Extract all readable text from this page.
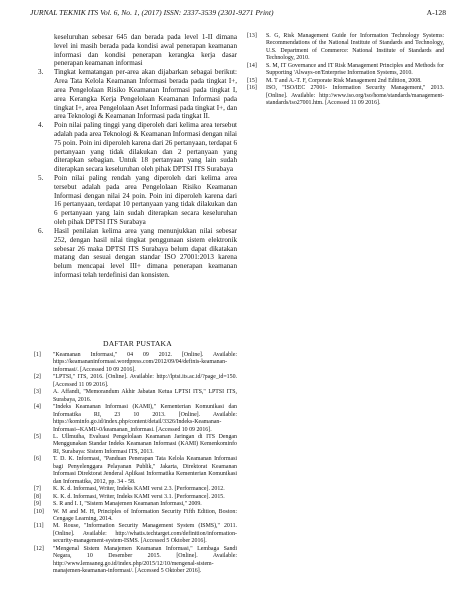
JURNAL TEKNIK ITS Vol. 6, No. 1, (2017) ISSN: 2337-3539 (2301-9271 Print)	A-128

keseluruhan sebesar 645 dan berada pada level 1-II dimana level ini masih berada pada kondisi awal penerapan keamanan informasi dan kondisi penerapan kerangka kerja dasar penerapan keamanan informasi

3.	Tingkat kematangan per-area akan dijabarkan sebagai berikut: Area Tata Kelola Keamanan Informasi berada pada tingkat I+, area Pengelolaan Risiko Keamanan Informasi pada tingkat I, area Kerangka Kerja Pengelolaan Keamanan Informasi pada tingkat I+, area Pengelolaan Aset Informasi pada tingkat I+, dan area Teknologi & Keamanan Informasi pada tingkat II.

4.	Poin nilai paling tinggi yang diperoleh dari kelima area tersebut adalah pada area Teknologi & Keamanan Informasi dengan nilai 75 poin. Poin ini diperoleh karena dari 26 pertanyaan, terdapat 6 pertanyaan yang tidak dilakukan dan 2 pertanyaan yang diterapkan sebagian. Untuk 18 pertanyaan yang lain sudah diterapkan secara keseluruhan oleh pihak DPTSI ITS Surabaya

5.	Poin nilai paling rendah yang diperoleh dari kelima area tersebut adalah pada area Pengelolaan Risiko Keamanan Informasi dengan nilai 24 poin. Poin ini diperoleh karena dari 16 pertanyaan, terdapat 10 pertanyaan yang tidak dilakukan dan 6 pertanyaan yang lain sudah diterapkan secara keseluruhan oleh pihak DPTSI ITS Surabaya

6.	Hasil penilaian kelima area yang menunjukkan nilai sebesar 252, dengan hasil nilai tingkat penggunaan sistem elektronik sebesar 26 maka DPTSI ITS Surabaya belum dapat dikatakan matang dan sesuai dengan standar ISO 27001:2013 karena belum mencapai level III+ dimana penerapan keamanan informasi telah terdefinisi dan konsisten.

DAFTAR PUSTAKA
[1]	"Keamanan Informasi," 04 09 2012. [Online]. Available: https://keamananinformasi.wordpress.com/2012/09/04/definis-keamanan-informasi/. [Accessed 10 09 2016].
[2]	"LPTSI," ITS, 2016. [Online]. Available: http://lptsi.its.ac.id/?page_id=150. [Accessed 11 09 2016].
[3]	A. Affandi, "Memorandum Akhir Jabatan Ketua LPTSI ITS," LPTSI ITS, Surabaya, 2016.
[4]	"Indeks Keamanan Informasi (KAMI)," Kementerian Komunikasi dan Informatika RI, 23 10 2013. [Online]. Available: https://kominfo.go.id/index.php/content/detail/3326/Indeks-Keamanan-Informasi--KAMI/-0/keamanan_informasi. [Accessed 10 09 2016].
[5]	L. Ullmuiha, Evaluasi Pengelolaan Keamanan Jaringan di ITS Dengan Menggunakan Standar Indeks Keamanan Informasi (KAMI) Kemenkominfo RI, Surabaya: Sistem Informasi ITS, 2013.
[6]	T. D. K. Informasi, "Panduan Penerapan Tata Kelola Keamanan Informasi bagi Penyelenggara Pelayanan Publik," Jakarta, Direktorat Keamanan Informasi Direktorat Jenderal Aplikasi Informatika Kementerian Komunikasi dan Informatika, 2012, pp. 34 - 58.
[7]	K. K. d. Informasi, Writer, Indeks KAMI versi 2.3. [Performance]. 2012.
[8]	K. K. d. Informasi, Writer, Indeks KAMI versi 3.1. [Performance]. 2015.
[9]	S. R and I. I, "Sistem Manajemen Keamanan Informasi," 2009.
[10]	W. M and M. H, Principles of Information Security Fifth Edition, Boston: Cengage Learning, 2014.
[11]	M. Rouse, "Information Security Management System (ISMS)," 2011. [Online]. Available: http://whatis.techtarget.com/definition/information-security-management-system-ISMS. [Accessed 5 Oktober 2016].
[12]	"Mengenal Sistem Manajemen Keamanan Informasi," Lembaga Sandi Negara, 10 Desember 2015. [Online]. Available: http://www.lemsaneg.go.id/index.php/2015/12/10/mengenal-sistem-manajemen-keamanan-informasi/. [Accessed 5 Oktober 2016].
[13]	S. G, Risk Management Guide for Information Technology Systems: Recommendations of the National Institute of Standards and Technology, U.S. Department of Commerce: National Institute of Standards and Technology, 2010.
[14]	S. M, IT Governance and IT Risk Management Principles and Methods for Supporting 'Always-on'Enterprise Information Systems, 2010.
[15]	M. T and A.-T. F, Corporate Risk Management 2nd Edition, 2008.
[16]	ISO, "ISO/IEC 27001- Information Security Management," 2013. [Online]. Available: http://www.iso.org/iso/home/standards/management-standards/iso27001.htm. [Accessed 11 09 2016].
